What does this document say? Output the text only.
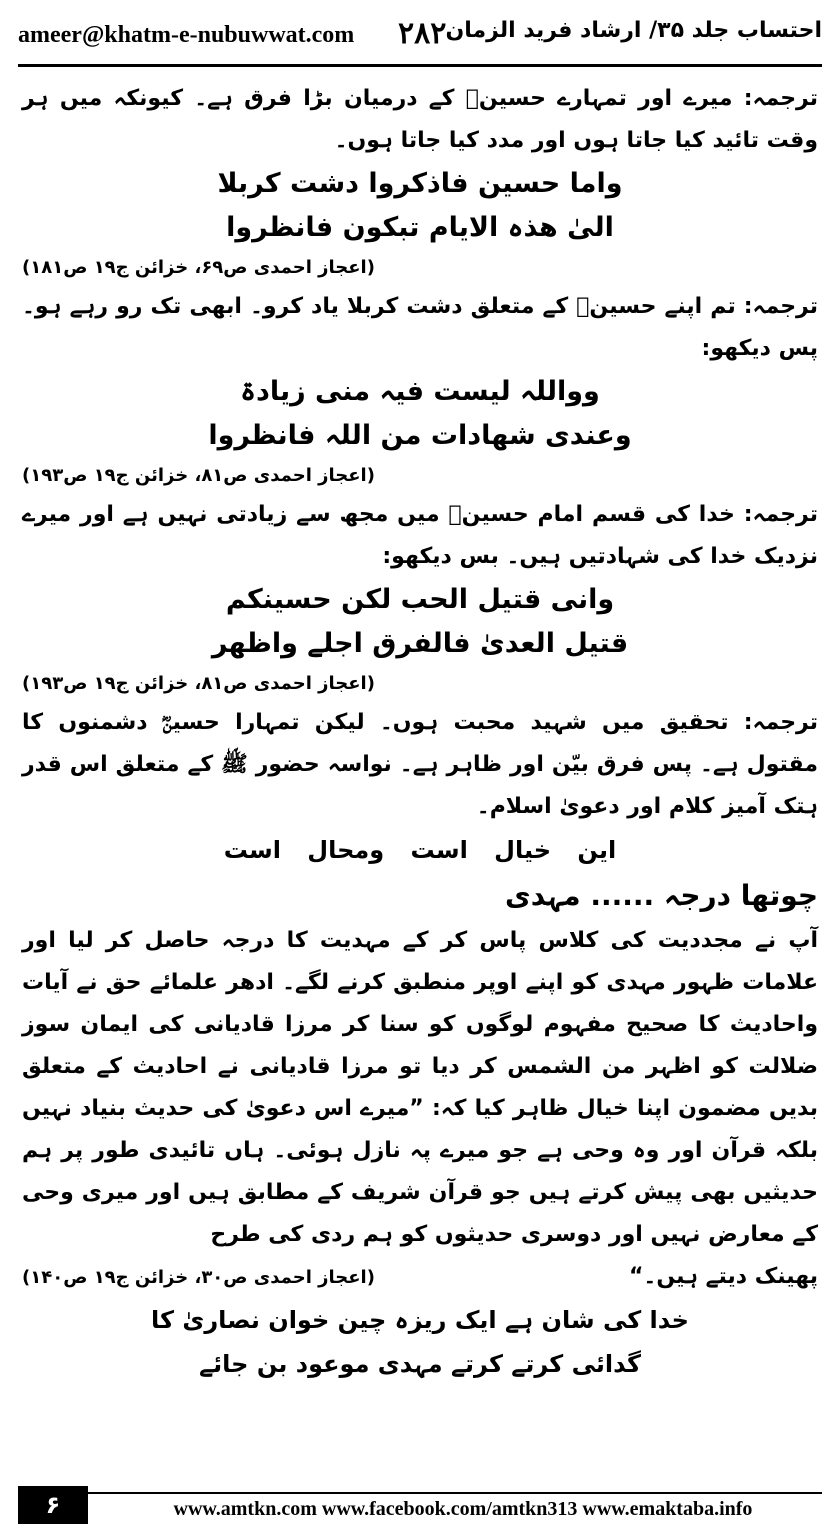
ameer@khatm-e-nubuwwat.com ۲۸۲ احتساب جلد ۳۵/ ارشاد فرید الزمان

ترجمہ: میرے اور تمہارے حسینؓ کے درمیان بڑا فرق ہے۔ کیونکہ میں ہر وقت تائید کیا جاتا ہوں اور مدد کیا جاتا ہوں۔

واما حسین فاذکروا دشت کربلا

الیٰ ھذہ الایام تبکون فانظروا

(اعجاز احمدی ص۶۹، خزائن ج۱۹ ص۱۸۱)

ترجمہ: تم اپنے حسینؓ کے متعلق دشت کربلا یاد کرو۔ ابھی تک رو رہے ہو۔ پس دیکھو:

وواللہ لیست فیہ منی زیادۃ

وعندی شھادات من اللہ فانظروا

(اعجاز احمدی ص۸۱، خزائن ج۱۹ ص۱۹۳)

ترجمہ: خدا کی قسم امام حسینؓ میں مجھ سے زیادتی نہیں ہے اور میرے نزدیک خدا کی شہادتیں ہیں۔ بس دیکھو:

وانی قتیل الحب لکن حسینکم

قتیل العدیٰ فالفرق اجلے واظھر

(اعجاز احمدی ص۸۱، خزائن ج۱۹ ص۱۹۳)

ترجمہ: تحقیق میں شہید محبت ہوں۔ لیکن تمہارا حسینؓ دشمنوں کا مقتول ہے۔ پس فرق بیّن اور ظاہر ہے۔ نواسہ حضور ﷺ کے متعلق اس قدر ہتک آمیز کلام اور دعویٰ اسلام۔

این خیال است ومحال است

چوتھا درجہ ...... مہدی

آپ نے مجددیت کی کلاس پاس کر کے مہدیت کا درجہ حاصل کر لیا اور علامات ظہور مہدی کو اپنے اوپر منطبق کرنے لگے۔ ادھر علمائے حق نے آیات واحادیث کا صحیح مفہوم لوگوں کو سنا کر مرزا قادیانی کی ایمان سوز ضلالت کو اظہر من الشمس کر دیا تو مرزا قادیانی نے احادیث کے متعلق بدیں مضمون اپنا خیال ظاہر کیا کہ: ”میرے اس دعویٰ کی حدیث بنیاد نہیں بلکہ قرآن اور وہ وحی ہے جو میرے پہ نازل ہوئی۔ ہاں تائیدی طور پر ہم حدیثیں بھی پیش کرتے ہیں جو قرآن شریف کے مطابق ہیں اور میری وحی کے معارض نہیں اور دوسری حدیثوں کو ہم ردی کی طرح

پھینک دیتے ہیں۔“

(اعجاز احمدی ص۳۰، خزائن ج۱۹ ص۱۴۰)

خدا کی شان ہے ایک ریزہ چین خوان نصاریٰ کا

گدائی کرتے کرتے مہدی موعود بن جائے

۶	www.amtkn.com www.facebook.com/amtkn313 www.emaktaba.info
